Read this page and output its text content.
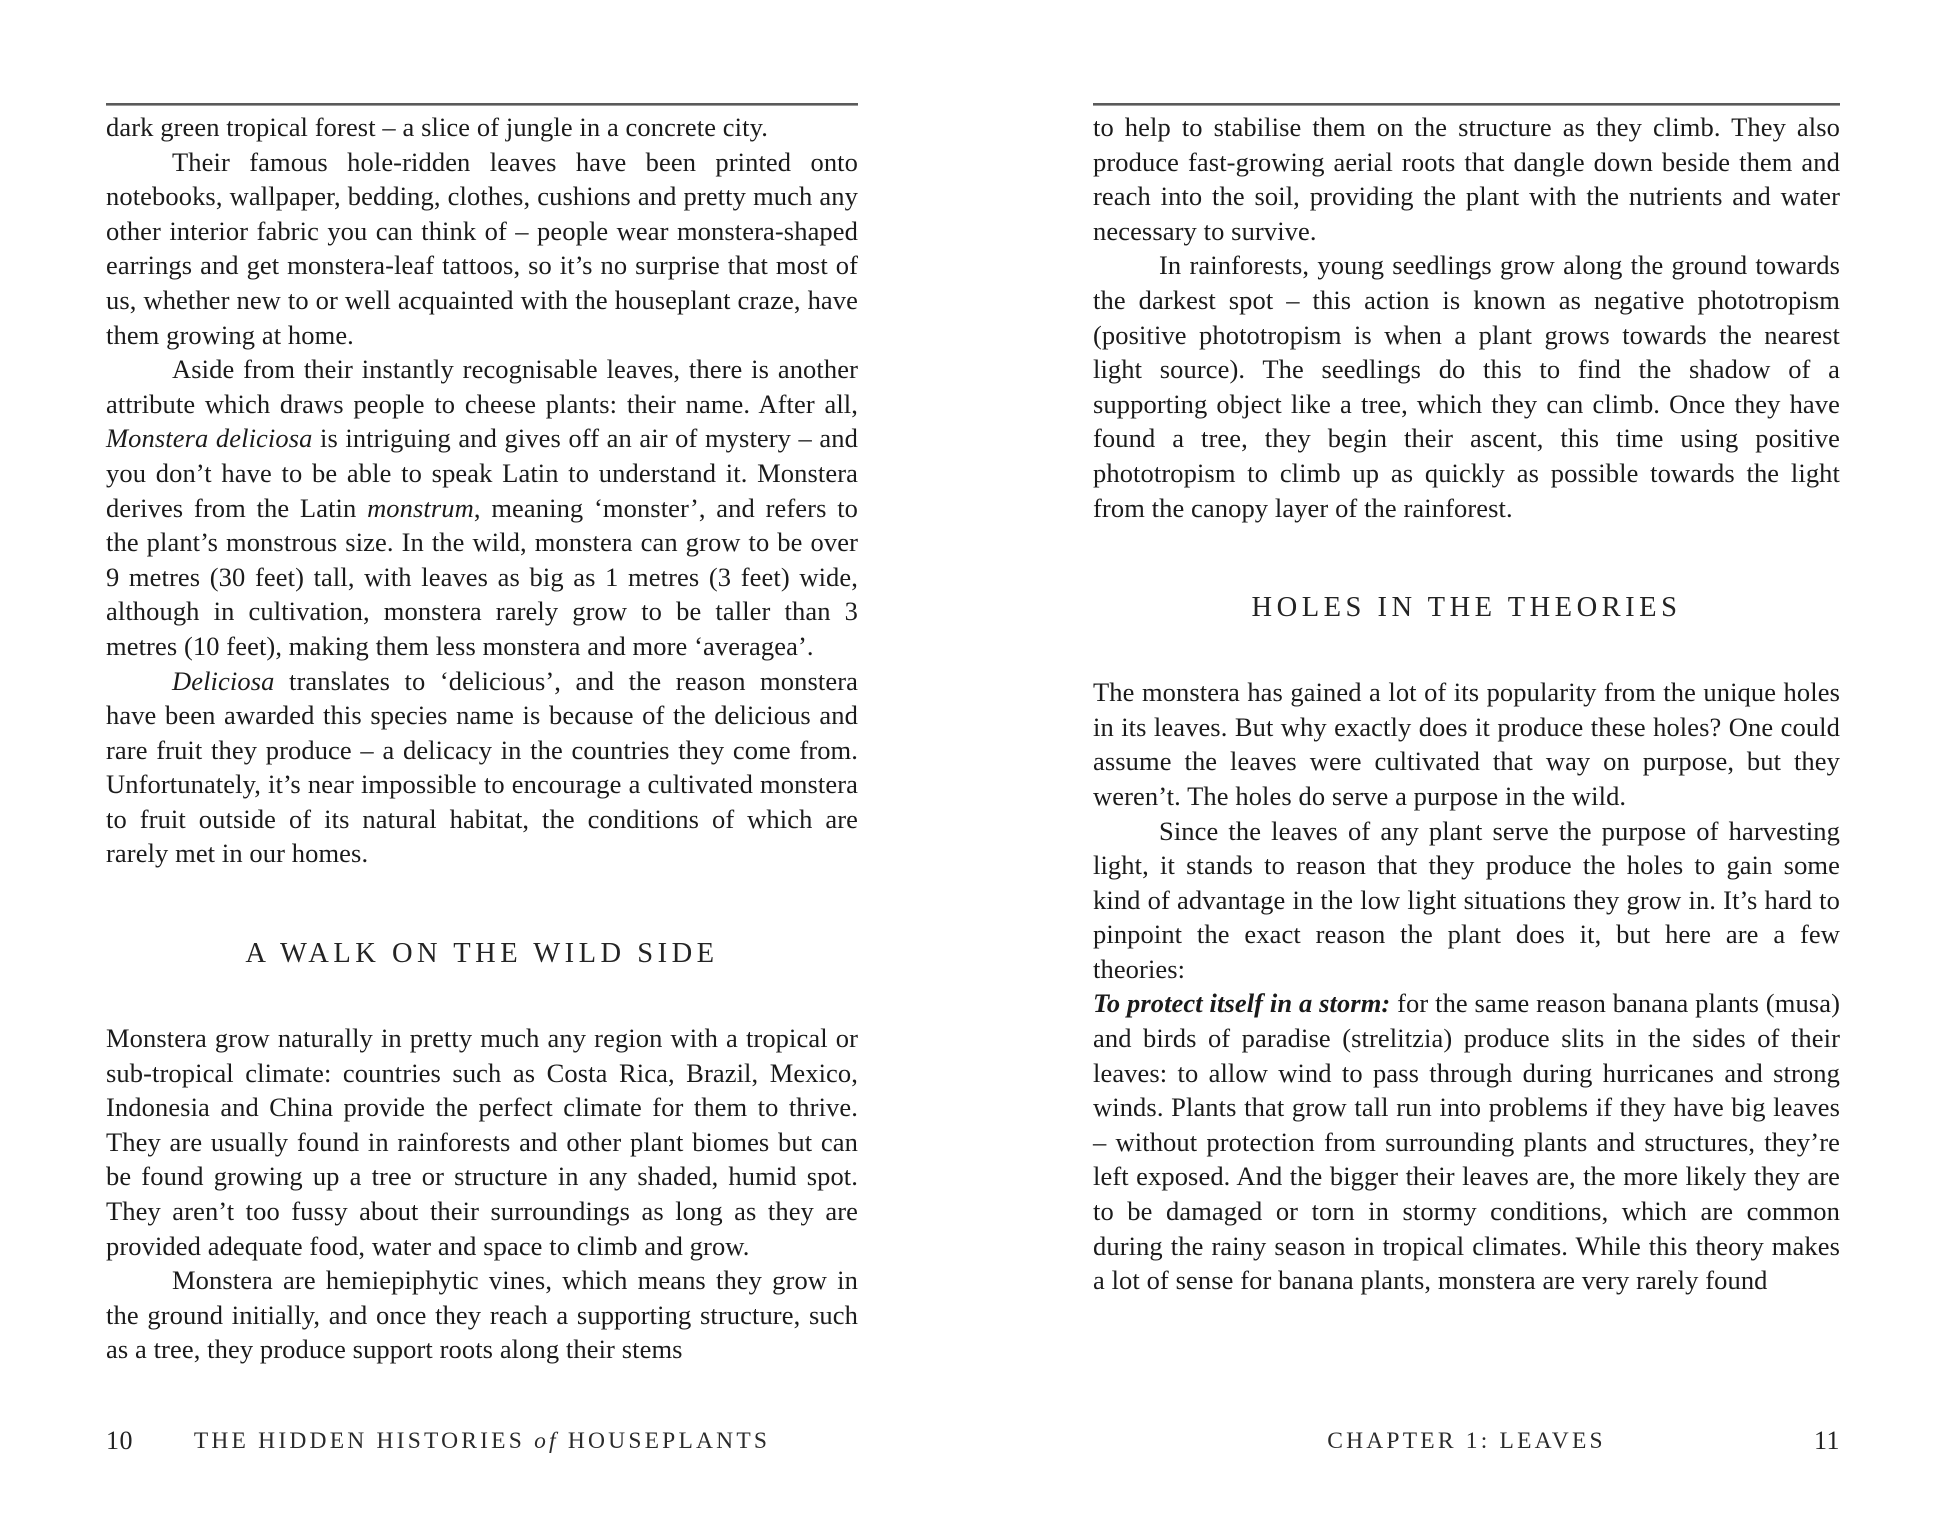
dark green tropical forest – a slice of jungle in a concrete city.

Their famous hole-ridden leaves have been printed onto notebooks, wallpaper, bedding, clothes, cushions and pretty much any other interior fabric you can think of – people wear monstera-shaped earrings and get monstera-leaf tattoos, so it’s no surprise that most of us, whether new to or well acquainted with the houseplant craze, have them growing at home.

Aside from their instantly recognisable leaves, there is another attribute which draws people to cheese plants: their name. After all, Monstera deliciosa is intriguing and gives off an air of mystery – and you don’t have to be able to speak Latin to understand it. Monstera derives from the Latin monstrum, meaning ‘monster’, and refers to the plant’s monstrous size. In the wild, monstera can grow to be over 9 metres (30 feet) tall, with leaves as big as 1 metres (3 feet) wide, although in cultivation, monstera rarely grow to be taller than 3 metres (10 feet), making them less monstera and more ‘averagea’.

Deliciosa translates to ‘delicious’, and the reason monstera have been awarded this species name is because of the delicious and rare fruit they produce – a delicacy in the countries they come from. Unfortunately, it’s near impossible to encourage a cultivated monstera to fruit outside of its natural habitat, the conditions of which are rarely met in our homes.

A WALK ON THE WILD SIDE

Monstera grow naturally in pretty much any region with a tropical or sub-tropical climate: countries such as Costa Rica, Brazil, Mexico, Indonesia and China provide the perfect climate for them to thrive. They are usually found in rainforests and other plant biomes but can be found growing up a tree or structure in any shaded, humid spot. They aren’t too fussy about their surroundings as long as they are provided adequate food, water and space to climb and grow.

Monstera are hemiepiphytic vines, which means they grow in the ground initially, and once they reach a supporting structure, such as a tree, they produce support roots along their stems

10	THE HIDDEN HISTORIES of HOUSEPLANTS

to help to stabilise them on the structure as they climb. They also produce fast-growing aerial roots that dangle down beside them and reach into the soil, providing the plant with the nutrients and water necessary to survive.

In rainforests, young seedlings grow along the ground towards the darkest spot – this action is known as negative phototropism (positive phototropism is when a plant grows towards the nearest light source). The seedlings do this to find the shadow of a supporting object like a tree, which they can climb. Once they have found a tree, they begin their ascent, this time using positive phototropism to climb up as quickly as possible towards the light from the canopy layer of the rainforest.

HOLES IN THE THEORIES

The monstera has gained a lot of its popularity from the unique holes in its leaves. But why exactly does it produce these holes? One could assume the leaves were cultivated that way on purpose, but they weren’t. The holes do serve a purpose in the wild.

Since the leaves of any plant serve the purpose of harvesting light, it stands to reason that they produce the holes to gain some kind of advantage in the low light situations they grow in. It’s hard to pinpoint the exact reason the plant does it, but here are a few theories:

To protect itself in a storm: for the same reason banana plants (musa) and birds of paradise (strelitzia) produce slits in the sides of their leaves: to allow wind to pass through during hurricanes and strong winds. Plants that grow tall run into problems if they have big leaves – without protection from surrounding plants and structures, they’re left exposed. And the bigger their leaves are, the more likely they are to be damaged or torn in stormy conditions, which are common during the rainy season in tropical climates. While this theory makes a lot of sense for banana plants, monstera are very rarely found

CHAPTER 1: LEAVES	11
